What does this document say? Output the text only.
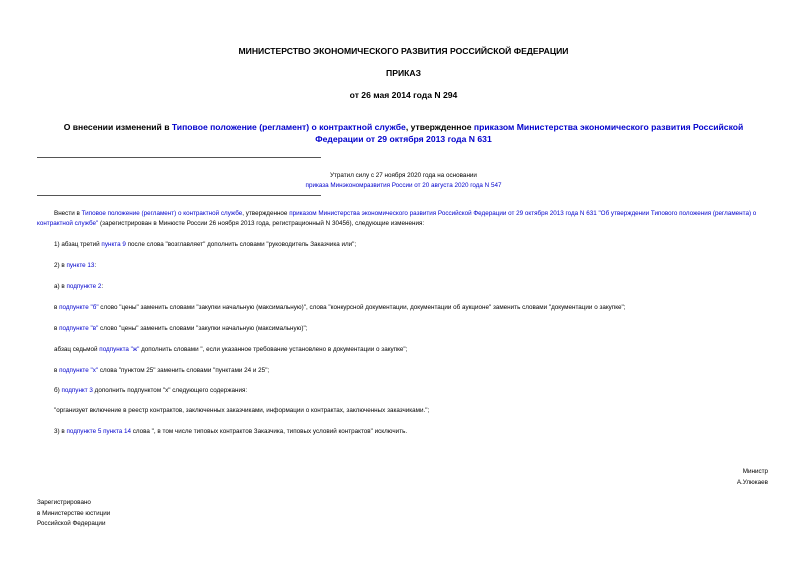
МИНИСТЕРСТВО ЭКОНОМИЧЕСКОГО РАЗВИТИЯ РОССИЙСКОЙ ФЕДЕРАЦИИ
ПРИКАЗ
от 26 мая 2014 года N 294
О внесении изменений в Типовое положение (регламент) о контрактной службе, утвержденное приказом Министерства экономического развития Российской Федерации от 29 октября 2013 года N 631
Утратил силу с 27 ноября 2020 года на основании
приказа Минэкономразвития России от 20 августа 2020 года N 547
Внести в Типовое положение (регламент) о контрактной службе, утвержденное приказом Министерства экономического развития Российской Федерации от 29 октября 2013 года N 631 "Об утверждении Типового положения (регламента) о контрактной службе" (зарегистрирован в Минюсте России 26 ноября 2013 года, регистрационный N 30456), следующие изменения:
1) абзац третий пункта 9 после слова "возглавляет" дополнить словами "руководитель Заказчика или";
2) в пункте 13:
а) в подпункте 2:
в подпункте "б" слово "цены" заменить словами "закупки начальную (максимальную)", слова "конкурсной документации, документации об аукционе" заменить словами "документации о закупке";
в подпункте "в" слово "цены" заменить словами "закупки начальную (максимальную)";
абзац седьмой подпункта "ж" дополнить словами ", если указанное требование установлено в документации о закупке";
в подпункте "х" слова "пунктом 25" заменить словами "пунктами 24 и 25";
б) подпункт 3 дополнить подпунктом "х" следующего содержания:
"организует включение в реестр контрактов, заключенных заказчиками, информации о контрактах, заключенных заказчиками.";
3) в подпункте 5 пункта 14 слова ", в том числе типовых контрактов Заказчика, типовых условий контрактов" исключить.
Министр
А.Улюкаев
Зарегистрировано
в Министерстве юстиции
Российской Федерации
